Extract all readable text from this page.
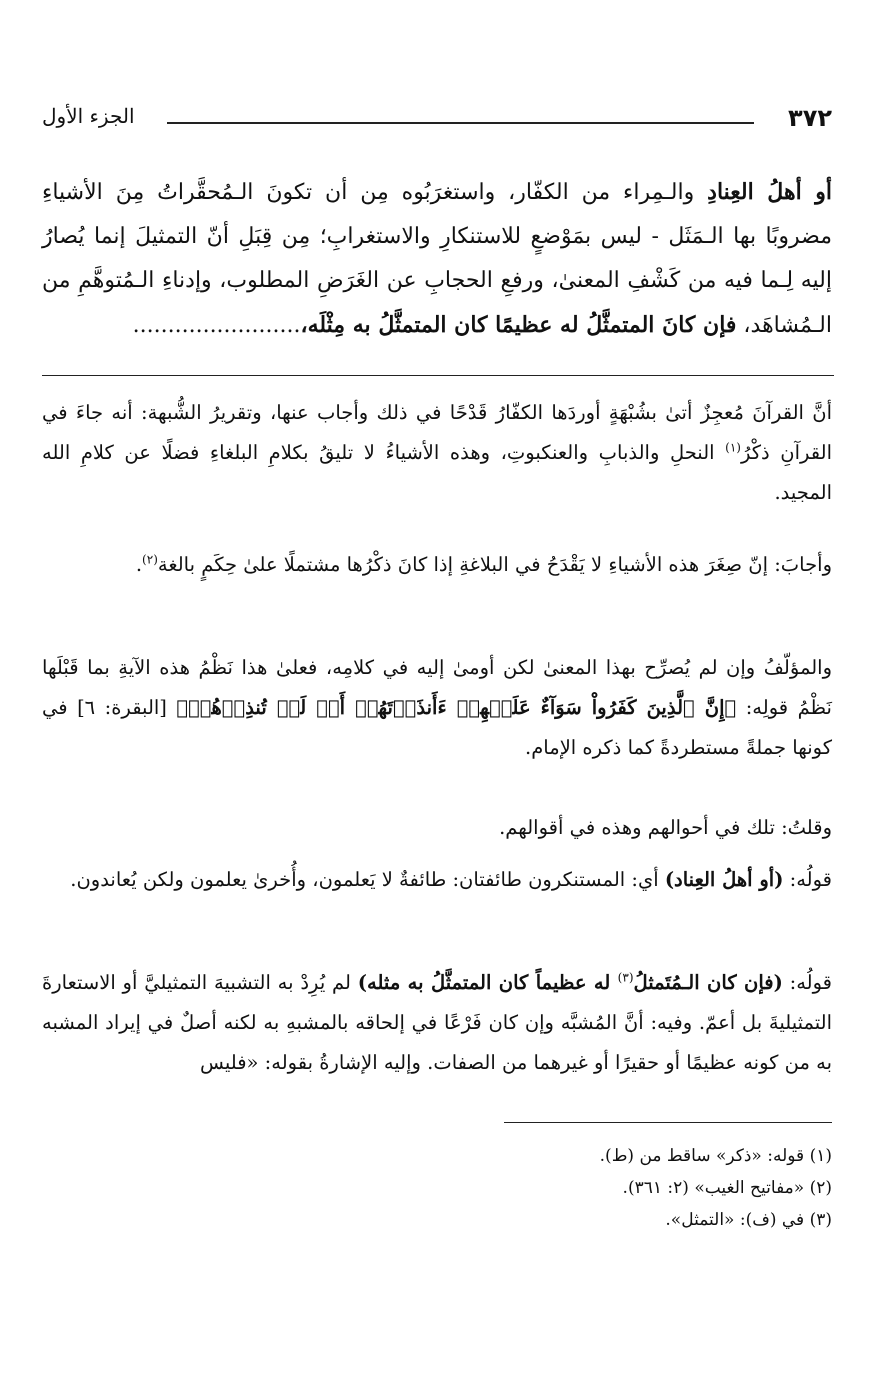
٣٧٢
الجزء الأول
أو أهلُ العِنادِ والـمِراء من الكفّار، واستغرَبُوه مِن أن تكونَ الـمُحقَّراتُ مِنَ الأشياءِ مضروبًا بها الـمَثَل - ليس بمَوْضعٍ للاستنكارِ والاستغرابِ؛ مِن قِبَلِ أنّ التمثيلَ إنما يُصارُ إليه لِـما فيه من كَشْفِ المعنىٰ، ورفعِ الحجابِ عن الغَرَضِ المطلوب، وإدناءِ الـمُتوهَّمِ من الـمُشاهَد، فإن كانَ المتمثَّلُ له عظيمًا كان المتمثَّلُ به مِثْلَه،........................
أنَّ القرآنَ مُعجِزٌ أتىٰ بشُبْهَةٍ أوردَها الكفّارُ قَدْحًا في ذلك وأجاب عنها، وتقريرُ الشُّبهة: أنه جاءَ في القرآنِ ذكْرُ$^{(١)}$ النحلِ والذبابِ والعنكبوتِ، وهذه الأشياءُ لا تليقُ بكلامِ البلغاءِ فضلًا عن كلامِ الله المجيد.
وأجابَ: إنّ صِغَرَ هذه الأشياءِ لا يَقْدَحُ في البلاغةِ إذا كانَ ذكْرُها مشتملًا علىٰ حِكَمٍ بالغة$^{(٢)}$.
والمؤلّفُ وإن لم يُصرِّح بهذا المعنىٰ لكن أومىٰ إليه في كلامِه، فعلىٰ هذا نَظْمُ هذه الآيةِ بما قَبْلَها نَظْمُ قولِه: ﴿إِنَّ ٱلَّذِينَ كَفَرُواْ سَوَآءٌ عَلَيۡهِمۡ ءَأَنذَرۡتَهُمۡ أَمۡ لَمۡ تُنذِرۡهُمۡ﴾ [البقرة: ٦] في كونها جملةً مستطردةً كما ذكره الإمام.
وقلتُ: تلك في أحوالهم وهذه في أقوالهم.
قولُه: (أو أهلُ العِناد) أي: المستنكرون طائفتان: طائفةٌ لا يَعلمون، وأُخرىٰ يعلمون ولكن يُعاندون.
قولُه: (فإن كان الـمُتَمثلُ$^{(٣)}$ له عظيماً كان المتمثَّلُ به مثله) لم يُرِدْ به التشبيهَ التمثيليَّ أو الاستعارةَ التمثيليةَ بل أعمّ. وفيه: أنَّ المُشبَّه وإن كان فَرْعًا في إلحاقه بالمشبهِ به لكنه أصلٌ في إيراد المشبه به من كونه عظيمًا أو حقيرًا أو غيرهما من الصفات. وإليه الإشارةُ بقوله: «فليس
(١) قوله: «ذكر» ساقط من (ط).
(٢) «مفاتيح الغيب» (٢: ٣٦١).
(٣) في (ف): «التمثل».
